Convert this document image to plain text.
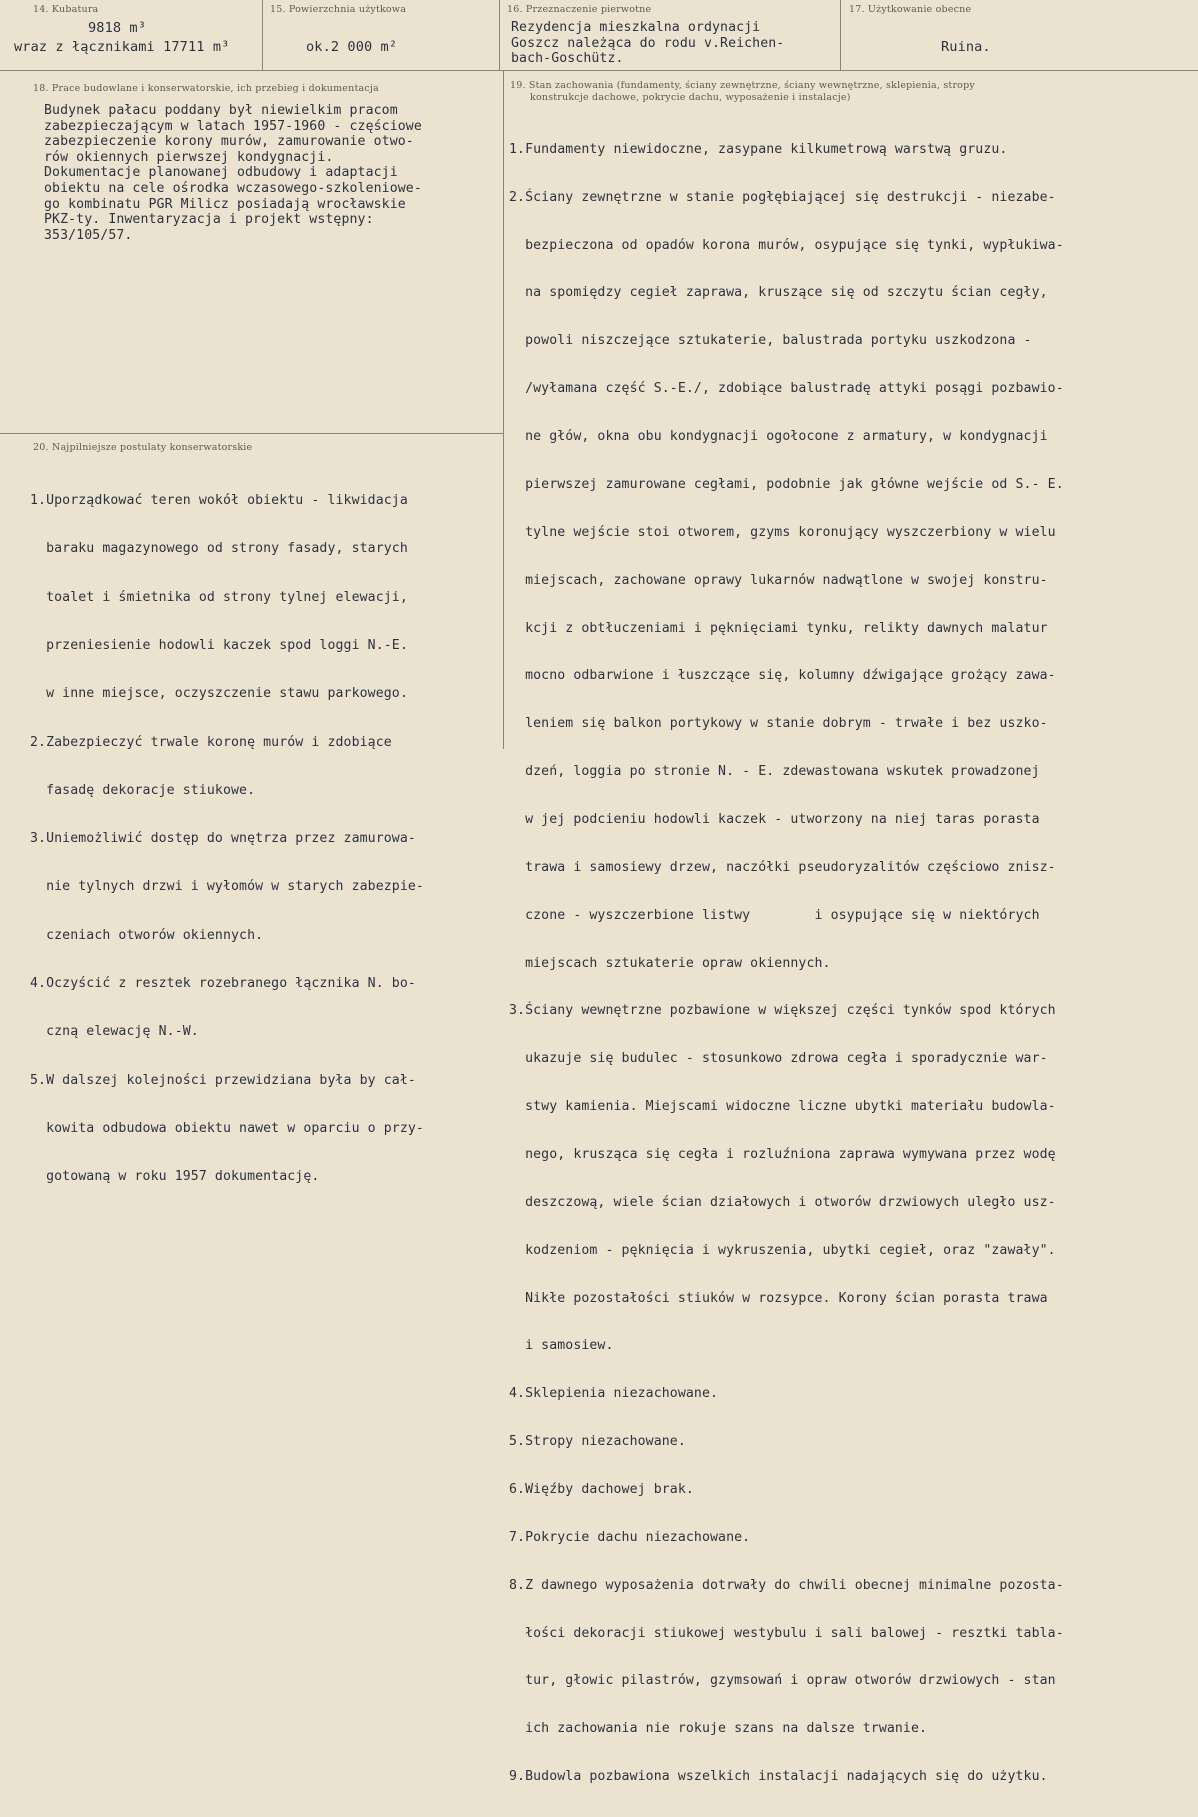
14. Kubatura
9818 m³
wraz z łącznikami 17711 m³
15. Powierzchnia użytkowa
ok.2 000 m²
16. Przeznaczenie pierwotne

Rezydencja mieszkalna ordynacji

Goszcz należąca do rodu v.Reichen-

bach-Goschütz.

17. Użytkowanie obecne
Ruina.
18. Prace budowlane i konserwatorskie, ich przebieg i dokumentacja

Budynek pałacu poddany był niewielkim pracom

zabezpieczającym w latach 1957-1960 - częściowe

zabezpieczenie korony murów, zamurowanie otwo-

rów okiennych pierwszej kondygnacji.

Dokumentacje planowanej odbudowy i adaptacji

obiektu na cele ośrodka wczasowego-szkoleniowe-

go kombinatu PGR Milicz posiadają wrocławskie

PKZ-ty. Inwentaryzacja i projekt wstępny:

353/105/57.

19. Stan zachowania (fundamenty, ściany zewnętrzne, ściany wewnętrzne, sklepienia, stropy
konstrukcje dachowe, pokrycie dachu, wyposażenie i instalacje)

1.Fundamenty niewidoczne, zasypane kilkumetrową warstwą gruzu.

2.Ściany zewnętrzne w stanie pogłębiającej się destrukcji - niezabe-

bezpieczona od opadów korona murów, osypujące się tynki, wypłukiwa-

na spomiędzy cegieł zaprawa, kruszące się od szczytu ścian cegły,

powoli niszczejące sztukaterie, balustrada portyku uszkodzona -

/wyłamana część S.-E./, zdobiące balustradę attyki posągi pozbawio-

ne głów, okna obu kondygnacji ogołocone z armatury, w kondygnacji

pierwszej zamurowane cegłami, podobnie jak główne wejście od S.- E.

tylne wejście stoi otworem, gzyms koronujący wyszczerbiony w wielu

miejscach, zachowane oprawy lukarnów nadwątlone w swojej konstru-

kcji z obtłuczeniami i pęknięciami tynku, relikty dawnych malatur

mocno odbarwione i łuszczące się, kolumny dźwigające grożący zawa-

leniem się balkon portykowy w stanie dobrym - trwałe i bez uszko-

dzeń, loggia po stronie N. - E. zdewastowana wskutek prowadzonej

w jej podcieniu hodowli kaczek - utworzony na niej taras porasta

trawa i samosiewy drzew, naczółki pseudoryzalitów częściowo znisz-

czone - wyszczerbione listwy        i osypujące się w niektórych

miejscach sztukaterie opraw okiennych.

3.Ściany wewnętrzne pozbawione w większej części tynków spod których

ukazuje się budulec - stosunkowo zdrowa cegła i sporadycznie war-

stwy kamienia. Miejscami widoczne liczne ubytki materiału budowla-

nego, krusząca się cegła i rozluźniona zaprawa wymywana przez wodę

deszczową, wiele ścian działowych i otworów drzwiowych uległo usz-

kodzeniom - pęknięcia i wykruszenia, ubytki cegieł, oraz "zawały".

Nikłe pozostałości stiuków w rozsypce. Korony ścian porasta trawa

i samosiew.

4.Sklepienia niezachowane.

5.Stropy niezachowane.

6.Więźby dachowej brak.

7.Pokrycie dachu niezachowane.

8.Z dawnego wyposażenia dotrwały do chwili obecnej minimalne pozosta-

łości dekoracji stiukowej westybulu i sali balowej - resztki tabla-

tur, głowic pilastrów, gzymsowań i opraw otworów drzwiowych - stan

ich zachowania nie rokuje szans na dalsze trwanie.

9.Budowla pozbawiona wszelkich instalacji nadających się do użytku.

20. Najpilniejsze postulaty konserwatorskie

1.Uporządkować teren wokół obiektu - likwidacja

baraku magazynowego od strony fasady, starych

toalet i śmietnika od strony tylnej elewacji,

przeniesienie hodowli kaczek spod loggi N.-E.

w inne miejsce, oczyszczenie stawu parkowego.

2.Zabezpieczyć trwale koronę murów i zdobiące

fasadę dekoracje stiukowe.

3.Uniemożliwić dostęp do wnętrza przez zamurowa-

nie tylnych drzwi i wyłomów w starych zabezpie-

czeniach otworów okiennych.

4.Oczyścić z resztek rozebranego łącznika N. bo-

czną elewację N.-W.

5.W dalszej kolejności przewidziana była by cał-

kowita odbudowa obiektu nawet w oparciu o przy-

gotowaną w roku 1957 dokumentację.
